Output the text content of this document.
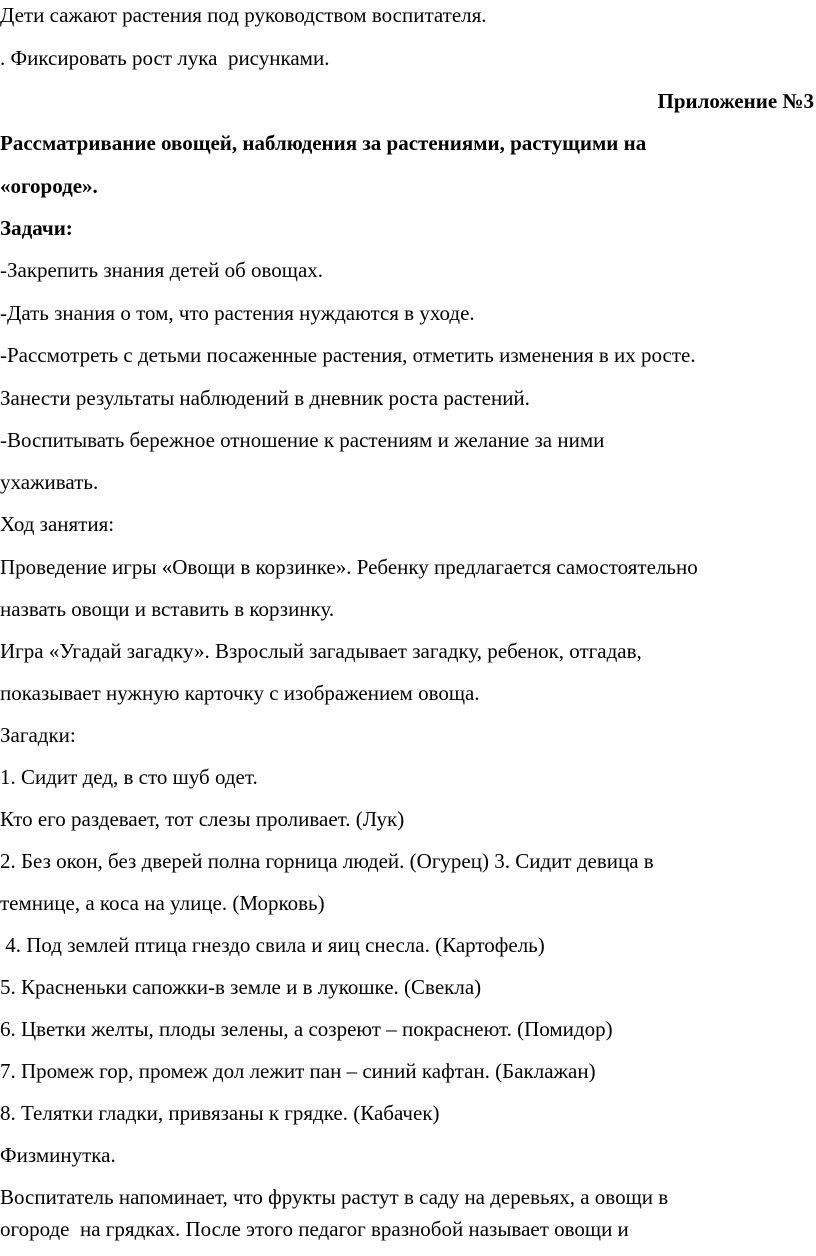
Дети сажают растения под руководством воспитателя.

. Фиксировать рост лука  рисунками.

Приложение №3

Рассматривание овощей, наблюдения за растениями, растущими на

«огороде».

Задачи:

-Закрепить знания детей об овощах.

-Дать знания о том, что растения нуждаются в уходе.

-Рассмотреть с детьми посаженные растения, отметить изменения в их росте.

Занести результаты наблюдений в дневник роста растений.

-Воспитывать бережное отношение к растениям и желание за ними

ухаживать.

Ход занятия:

Проведение игры «Овощи в корзинке». Ребенку предлагается самостоятельно

назвать овощи и вставить в корзинку.

Игра «Угадай загадку». Взрослый загадывает загадку, ребенок, отгадав,

показывает нужную карточку с изображением овоща.

Загадки:

1. Сидит дед, в сто шуб одет.

Кто его раздевает, тот слезы проливает. (Лук)

2. Без окон, без дверей полна горница людей. (Огурец) 3. Сидит девица в

темнице, а коса на улице. (Морковь)

4. Под землей птица гнездо свила и яиц снесла. (Картофель)

5. Красненьки сапожки-в земле и в лукошке. (Свекла)

6. Цветки желты, плоды зелены, а созреют – покраснеют. (Помидор)

7. Промеж гор, промеж дол лежит пан – синий кафтан. (Баклажан)

8. Телятки гладки, привязаны к грядке. (Кабачек)

Физминутка.

Воспитатель напоминает, что фрукты растут в саду на деревьях, а овощи в

огороде  на грядках. После этого педагог вразнобой называет овощи и
